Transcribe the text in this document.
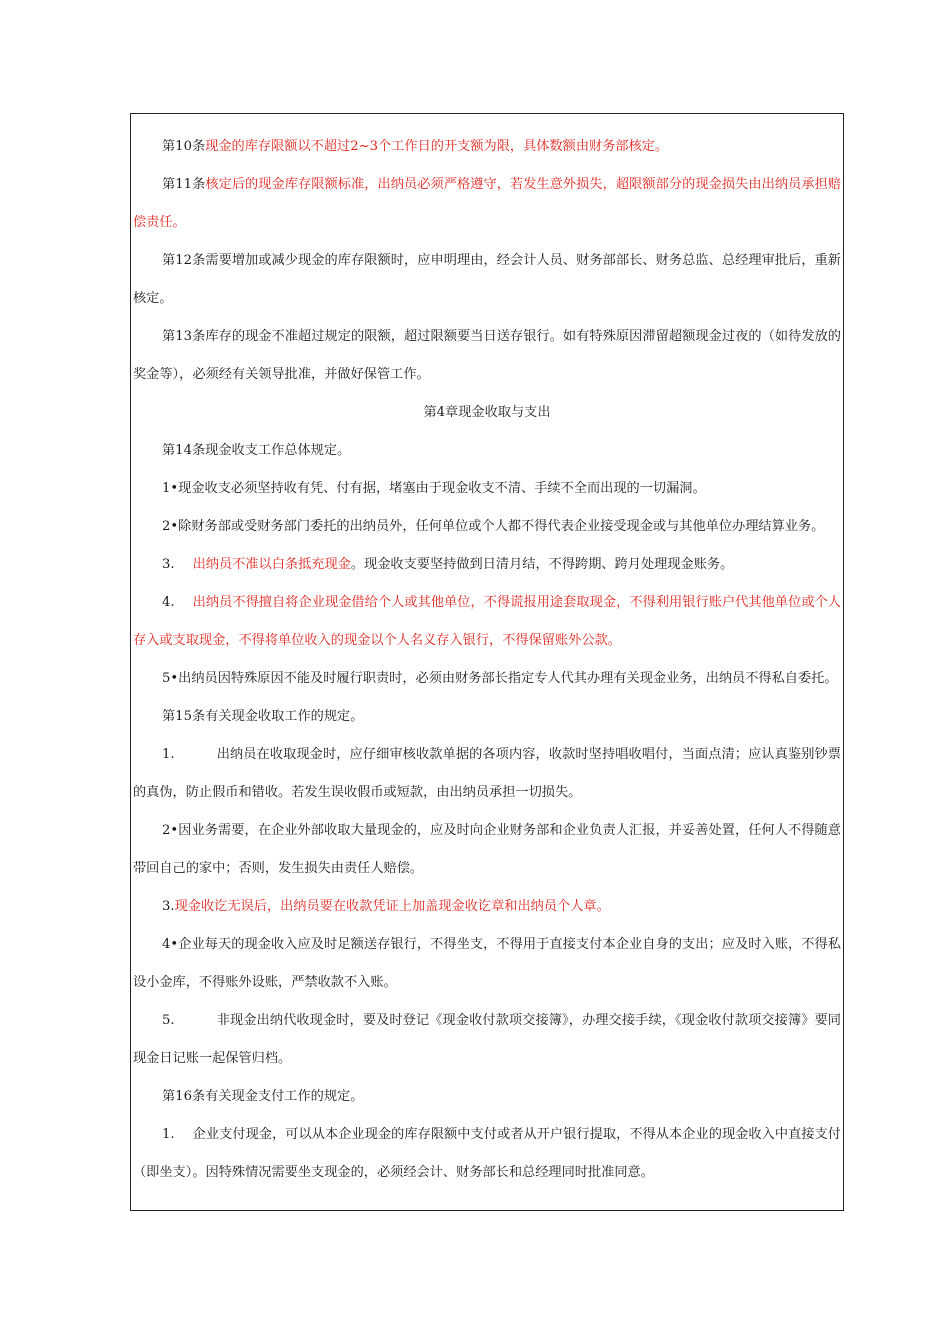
第10条现金的库存限额以不超过2~3个工作日的开支额为限，具体数额由财务部核定。

第11条核定后的现金库存限额标准，出纳员必须严格遵守，若发生意外损失，超限额部分的现金损失由出纳员承担赔偿责任。

第12条需要增加或减少现金的库存限额时，应申明理由，经会计人员、财务部部长、财务总监、总经理审批后，重新核定。

第13条库存的现金不准超过规定的限额，超过限额要当日送存银行。如有特殊原因滞留超额现金过夜的（如待发放的奖金等），必须经有关领导批准，并做好保管工作。

第4章现金收取与支出

第14条现金收支工作总体规定。

1•现金收支必须坚持收有凭、付有据，堵塞由于现金收支不清、手续不全而出现的一切漏洞。

2•除财务部或受财务部门委托的出纳员外，任何单位或个人都不得代表企业接受现金或与其他单位办理结算业务。

3. 出纳员不准以白条抵充现金。现金收支要坚持做到日清月结，不得跨期、跨月处理现金账务。

4. 出纳员不得擅自将企业现金借给个人或其他单位，不得谎报用途套取现金，不得利用银行账户代其他单位或个人存入或支取现金，不得将单位收入的现金以个人名义存入银行，不得保留账外公款。

5•出纳员因特殊原因不能及时履行职责时，必须由财务部长指定专人代其办理有关现金业务，出纳员不得私自委托。

第15条有关现金收取工作的规定。

1.	出纳员在收取现金时，应仔细审核收款单据的各项内容，收款时坚持唱收唱付，当面点清；应认真鉴别钞票的真伪，防止假币和错收。若发生误收假币或短款，由出纳员承担一切损失。

2•因业务需要，在企业外部收取大量现金的，应及时向企业财务部和企业负责人汇报，并妥善处置，任何人不得随意带回自己的家中；否则，发生损失由责任人赔偿。

3.现金收讫无误后，出纳员要在收款凭证上加盖现金收讫章和出纳员个人章。

4•企业每天的现金收入应及时足额送存银行，不得坐支，不得用于直接支付本企业自身的支出；应及时入账，不得私设小金库，不得账外设账，严禁收款不入账。

5.	非现金出纳代收现金时，要及时登记《现金收付款项交接簿》，办理交接手续，《现金收付款项交接簿》要同现金日记账一起保管归档。

第16条有关现金支付工作的规定。

1. 企业支付现金，可以从本企业现金的库存限额中支付或者从开户银行提取，不得从本企业的现金收入中直接支付（即坐支）。因特殊情况需要坐支现金的，必须经会计、财务部长和总经理同时批准同意。
